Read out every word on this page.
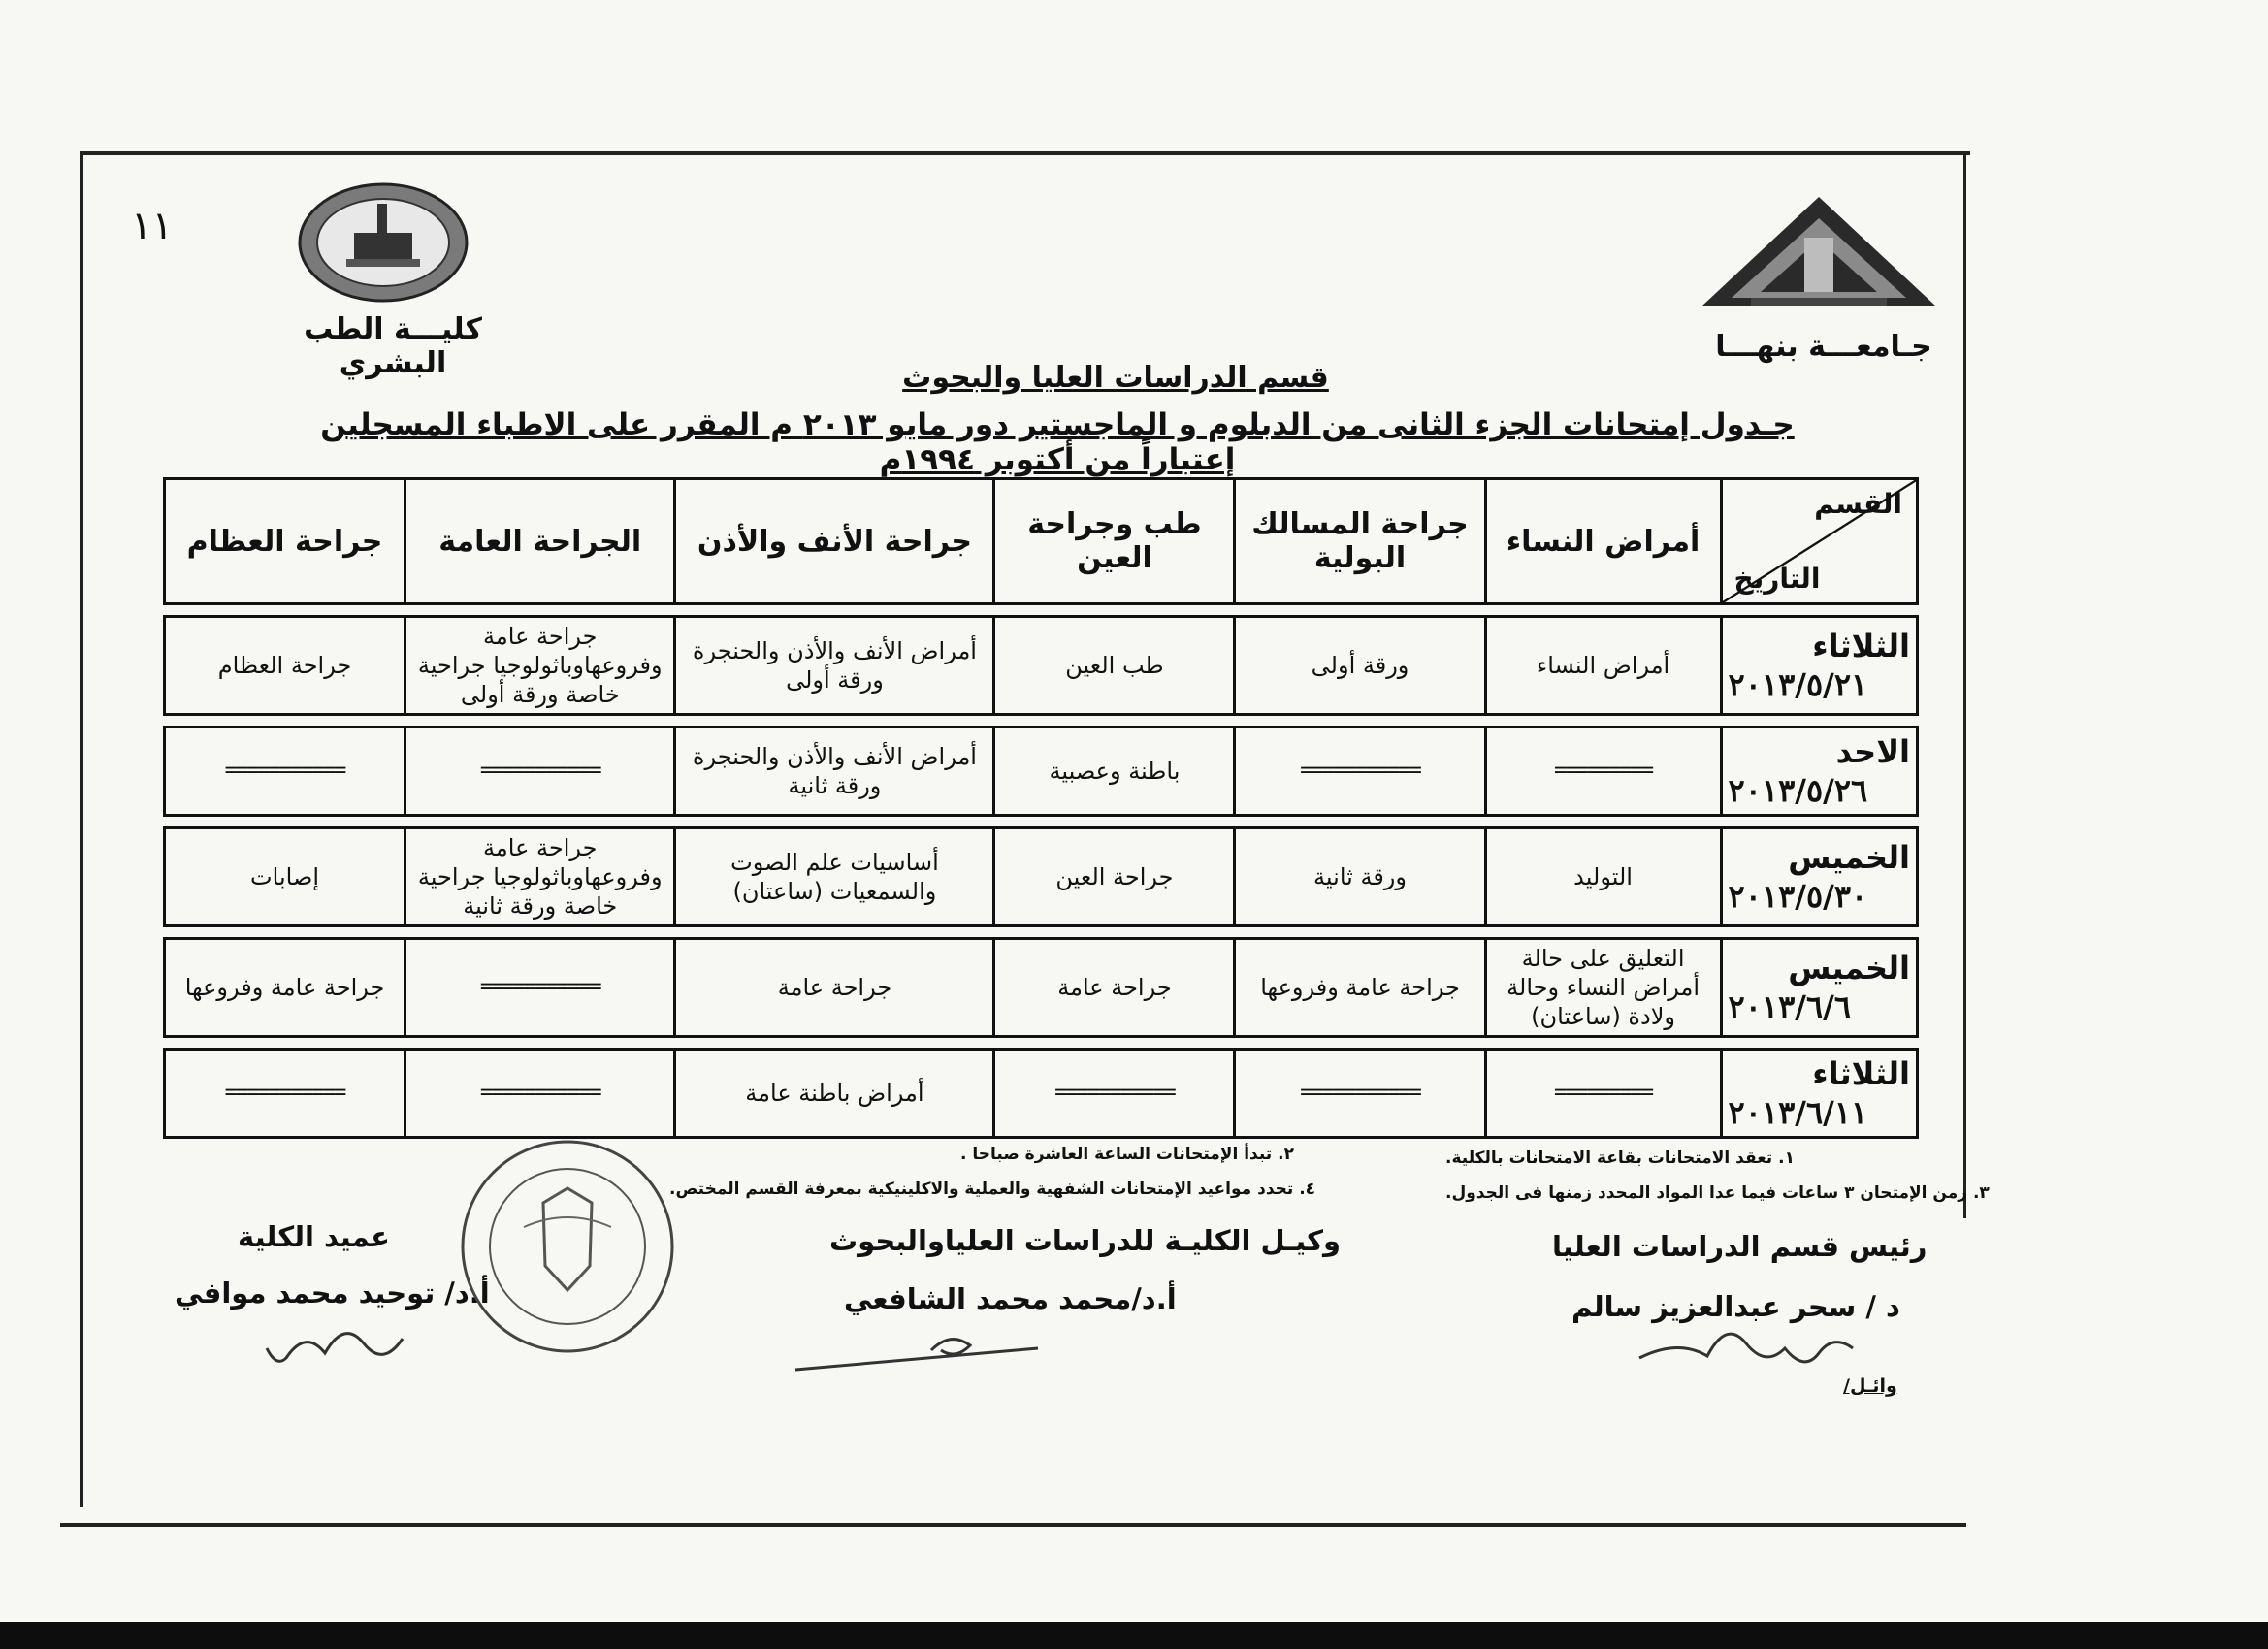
١١
كليـــة الطب البشري	جـامعـــة بنهـــا
قسم الدراسات العليا والبحوث
جـدول إمتحانات الجزء الثانى من الدبلوم و الماجستير دور مايو ٢٠١٣ م المقرر على الاطباء المسجلين إعتباراً من أكتوبر ١٩٩٤م
القسم
التاريخ	أمراض النساء	جراحة المسالك البولية	طب وجراحة العين	جراحة الأنف والأذن	الجراحة العامة	جراحة العظام

الثلاثاء
٢٠١٣/٥/٢١	أمراض النساء	ورقة أولى	طب العين	أمراض الأنف والأذن والحنجرة ورقة أولى	جراحة عامة وفروعهاوباثولوجيا جراحية خاصة ورقة أولى	جراحة العظام

الاحد
٢٠١٣/٥/٢٦	=========	===========	باطنة وعصبية	أمراض الأنف والأذن والحنجرة ورقة ثانية	===========	===========

الخميس
٢٠١٣/٥/٣٠	التوليد	ورقة ثانية	جراحة العين	أساسيات علم الصوت والسمعيات (ساعتان)	جراحة عامة وفروعهاوباثولوجيا جراحية خاصة ورقة ثانية	إصابات

الخميس
٢٠١٣/٦/٦	التعليق على حالة أمراض النساء وحالة ولادة (ساعتان)	جراحة عامة وفروعها	جراحة عامة	جراحة عامة	===========	جراحة عامة وفروعها

الثلاثاء
٢٠١٣/٦/١١	=========	===========	===========	أمراض باطنة عامة	===========	===========
١. تعقد الامتحانات بقاعة الامتحانات بالكلية.
٢. تبدأ الإمتحانات الساعة العاشرة صباحا .
٣. زمن الإمتحان ٣ ساعات فيما عدا المواد المحدد زمنها فى الجدول.
٤. تحدد مواعيد الإمتحانات الشفهية والعملية والاكلينيكية بمعرفة القسم المختص.
رئيس قسم الدراسات العليا
د / سحر عبدالعزيز سالم
وكيـل الكليـة للدراسات العلياوالبحوث
أ.د/محمد محمد الشافعي
عميد الكلية
أ.د/ توحيد محمد موافي
وائـل/
